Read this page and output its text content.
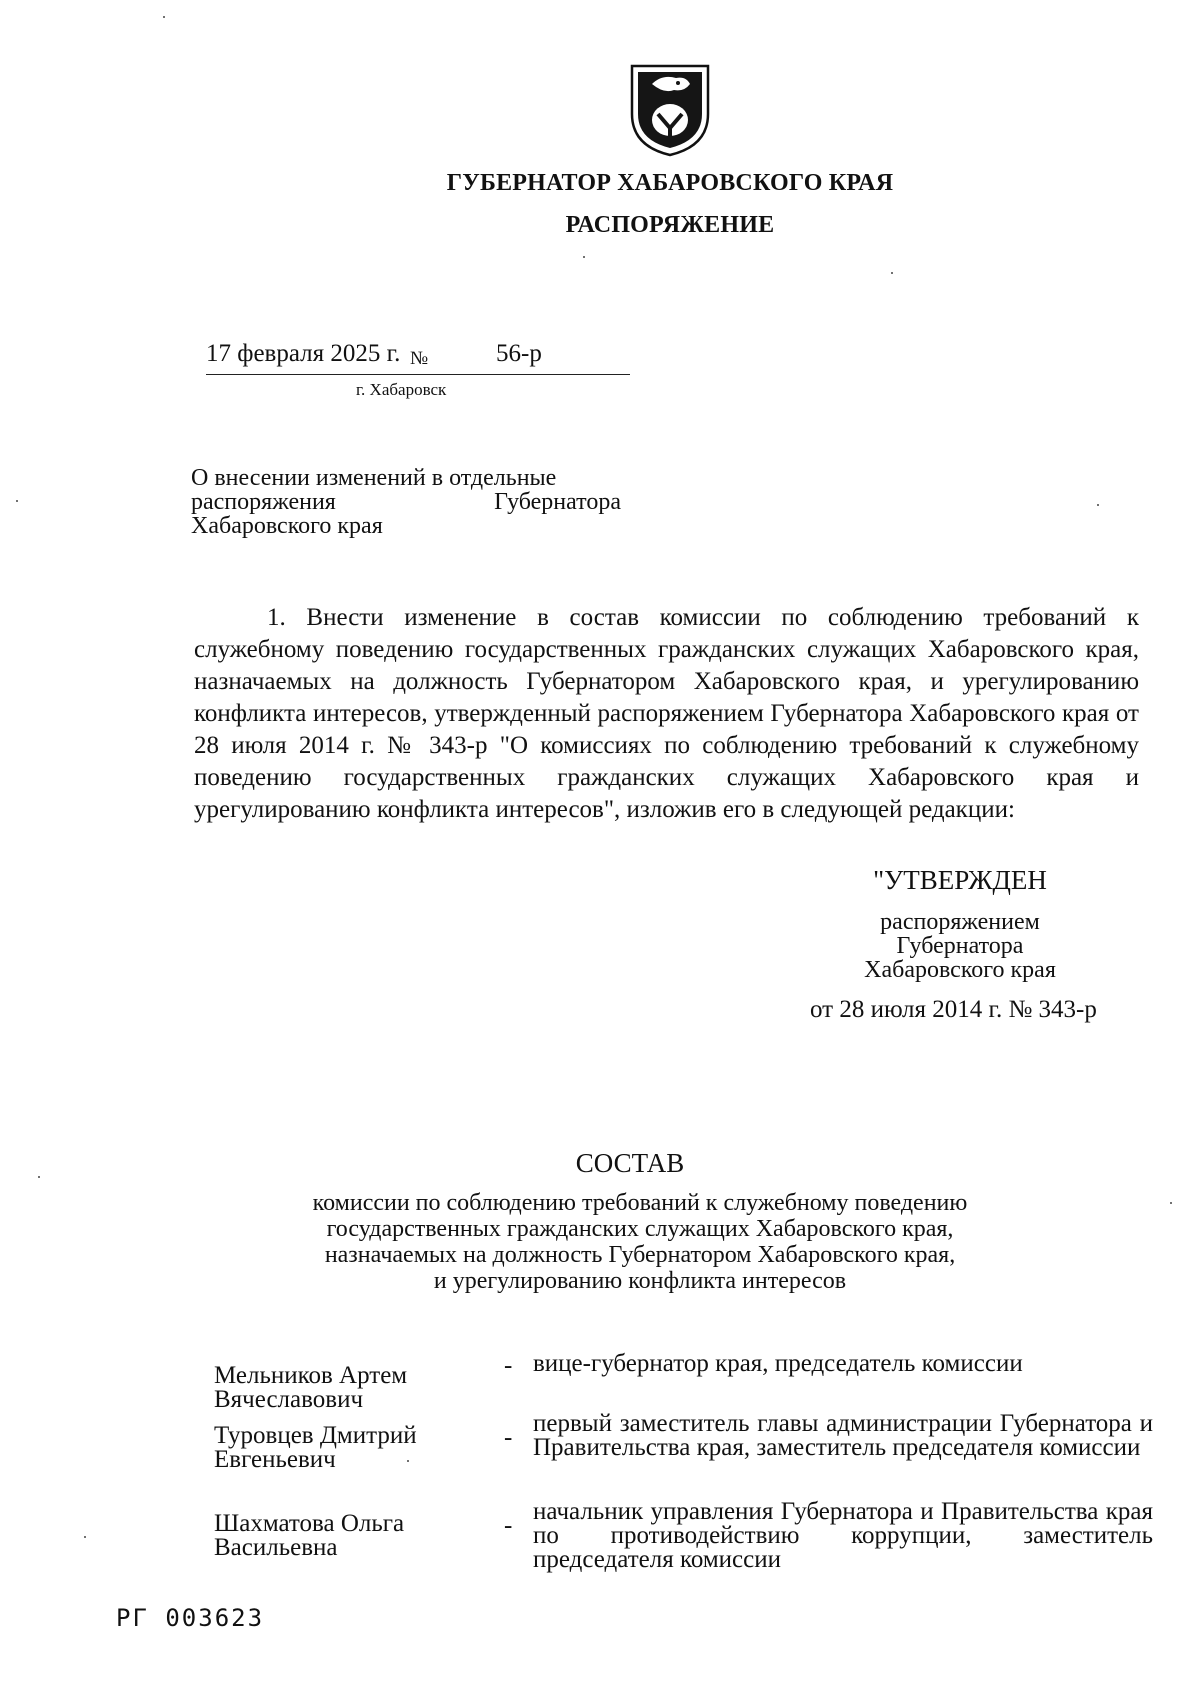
ГУБЕРНАТОР ХАБАРОВСКОГО КРАЯ
РАСПОРЯЖЕНИЕ
17 февраля 2025 г. №	56-р
г. Хабаровск
О внесении изменений в отдельные
распоряжения	Губернатора
Хабаровского края
1. Внести изменение в состав комиссии по соблюдению требований к служебному поведению государственных гражданских служащих Хабаровского края, назначаемых на должность Губернатором Хабаровского края, и урегулированию конфликта интересов, утвержденный распоряжением Губернатора Хабаровского края от 28 июля 2014 г. № 343-р "О комиссиях по соблюдению требований к служебному поведению государственных гражданских служащих Хабаровского края и урегулированию конфликта интересов", изложив его в следующей редакции:
"УТВЕРЖДЕН
распоряжением
Губернатора
Хабаровского края
от 28 июля 2014 г. № 343-р
СОСТАВ
комиссии по соблюдению требований к служебному поведению
государственных гражданских служащих Хабаровского края,
назначаемых на должность Губернатором Хабаровского края,
и урегулированию конфликта интересов
Мельников Артем
Вячеславович
- вице-губернатор края, председатель комиссии
Туровцев Дмитрий
Евгеньевич
-
первый заместитель главы администрации Губернатора и Правительства края, заместитель председателя комиссии
Шахматова Ольга
Васильевна
-
начальник управления Губернатора и Правительства края по противодействию коррупции, заместитель председателя комиссии
РГ 003623
